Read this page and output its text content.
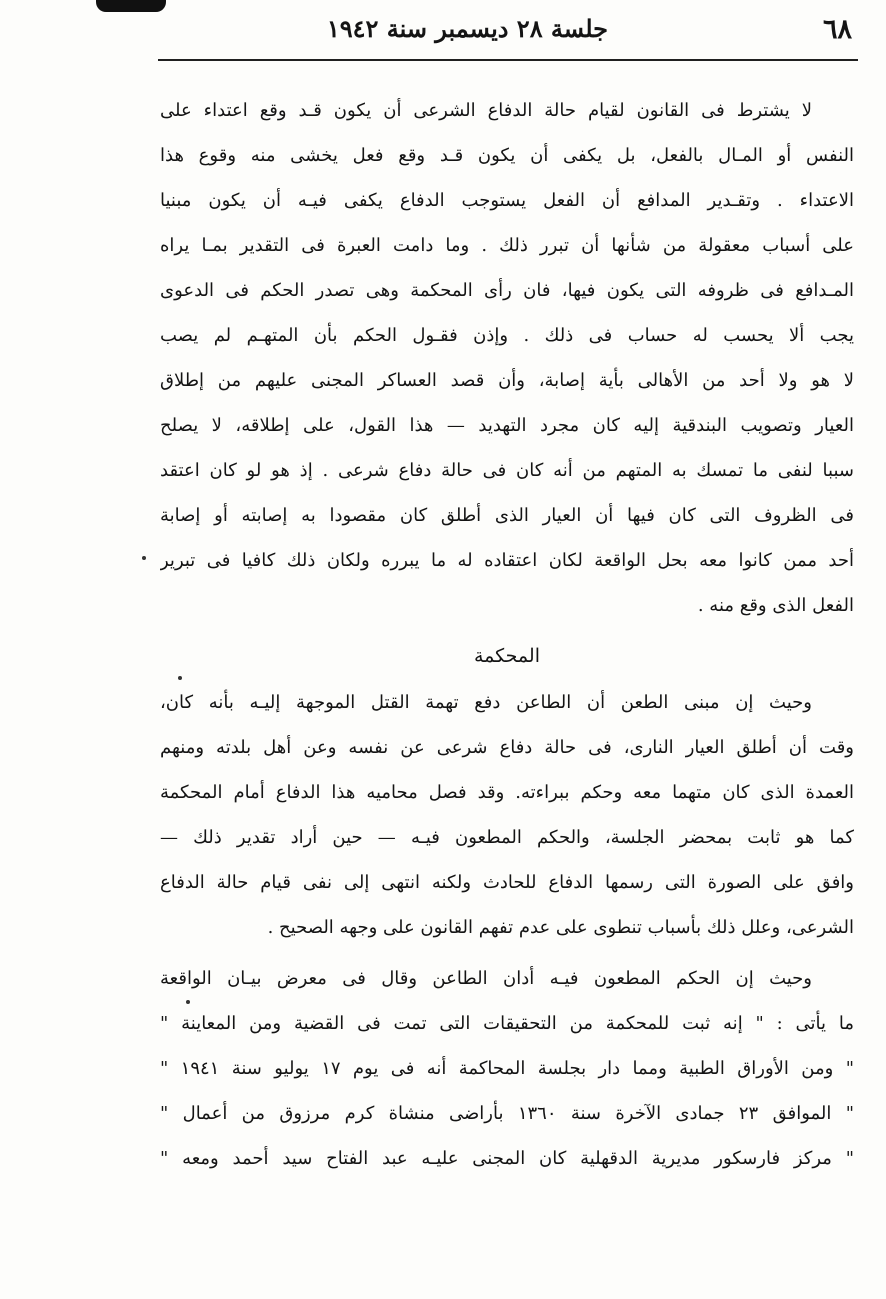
٦٨
جلسة ٢٨ ديسمبر سنة ١٩٤٢
لا يشترط فى القانون لقيام حالة الدفاع الشرعى أن يكون قـد وقع اعتداء على
النفس أو المـال بالفعل، بل يكفى أن يكون قـد وقع فعل يخشى منه وقوع هذا
الاعتداء . وتقـدير المدافع أن الفعل يستوجب الدفاع يكفى فيـه أن يكون مبنيا
على أسباب معقولة من شأنها أن تبرر ذلك . وما دامت العبرة فى التقدير بمـا يراه
المـدافع فى ظروفه التى يكون فيها، فان رأى المحكمة وهى تصدر الحكم فى الدعوى
يجب ألا يحسب له حساب فى ذلك . وإذن فقـول الحكم بأن المتهـم لم يصب
لا هو ولا أحد من الأهالى بأية إصابة، وأن قصد العساكر المجنى عليهم من إطلاق
العيار وتصويب البندقية إليه كان مجرد التهديد — هذا القول، على إطلاقه، لا يصلح
سببا لنفى ما تمسك به المتهم من أنه كان فى حالة دفاع شرعى . إذ هو لو كان اعتقد
فى الظروف التى كان فيها أن العيار الذى أطلق كان مقصودا به إصابته أو إصابة
أحد ممن كانوا معه بحل الواقعة لكان اعتقاده له ما يبرره ولكان ذلك كافيا فى تبرير
الفعل الذى وقع منه .
المحكمة
وحيث إن مبنى الطعن أن الطاعن دفع تهمة القتل الموجهة إليـه بأنه كان،
وقت أن أطلق العيار النارى، فى حالة دفاع شرعى عن نفسه وعن أهل بلدته ومنهم
العمدة الذى كان متهما معه وحكم ببراءته. وقد فصل محاميه هذا الدفاع أمام المحكمة
كما هو ثابت بمحضر الجلسة، والحكم المطعون فيـه — حين أراد تقدير ذلك —
وافق على الصورة التى رسمها الدفاع للحادث ولكنه انتهى إلى نفى قيام حالة الدفاع
الشرعى، وعلل ذلك بأسباب تنطوى على عدم تفهم القانون على وجهه الصحيح .
وحيث إن الحكم المطعون فيـه أدان الطاعن وقال فى معرض بيـان الواقعة
ما يأتى : " إنه ثبت للمحكمة من التحقيقات التى تمت فى القضية ومن المعاينة "
" ومن الأوراق الطبية ومما دار بجلسة المحاكمة أنه فى يوم ١٧ يوليو سنة ١٩٤١ "
" الموافق ٢٣ جمادى الآخرة سنة ١٣٦٠ بأراضى منشاة كرم مرزوق من أعمال "
" مركز فارسكور مديرية الدقهلية كان المجنى عليـه عبد الفتاح سيد أحمد ومعه "
